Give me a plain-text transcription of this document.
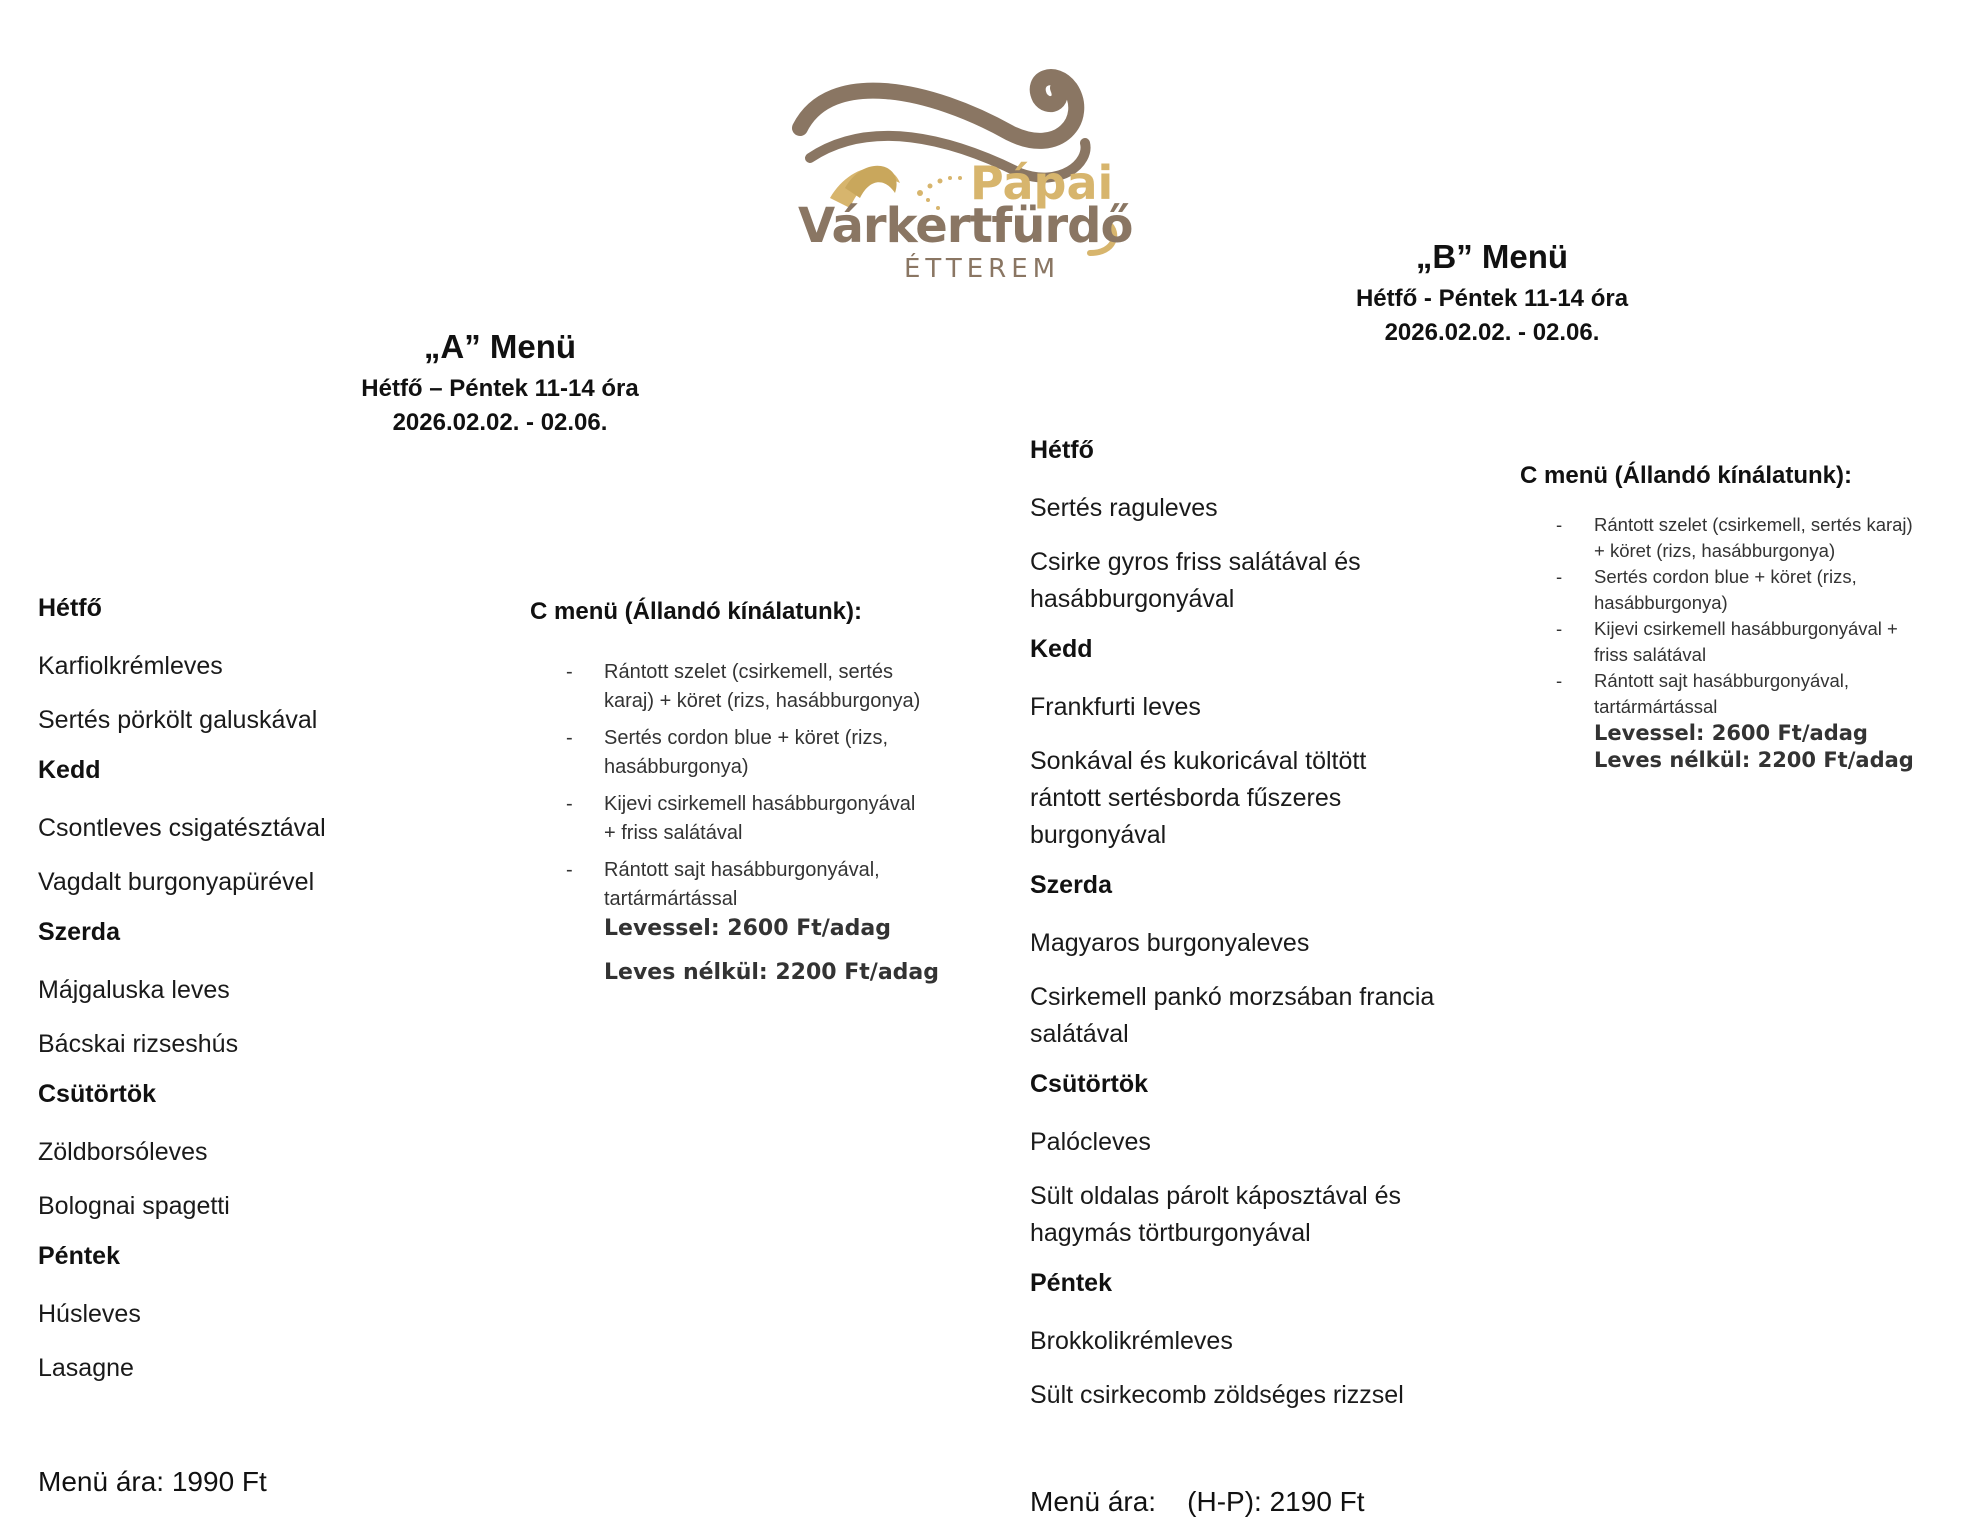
Pápai
Várkertfürdő
ÉTTEREM
„A” Menü
Hétfő – Péntek 11-14 óra
2026.02.02. - 02.06.
Hétfő
Karfiolkrémleves
Sertés pörkölt galuskával
Kedd
Csontleves csigatésztával
Vagdalt burgonyapürével
Szerda
Májgaluska leves
Bácskai rizseshús
Csütörtök
Zöldborsóleves
Bolognai spagetti
Péntek
Húsleves
Lasagne
Menü ára: 1990 Ft
C menü (Állandó kínálatunk):
- Rántott szelet (csirkemell, sertés
karaj) + köret (rizs, hasábburgonya)
- Sertés cordon blue + köret (rizs,
hasábburgonya)
- Kijevi csirkemell hasábburgonyával
+ friss salátával
- Rántott sajt hasábburgonyával,
tartármártással
Levessel: 2600 Ft/adag
Leves nélkül: 2200 Ft/adag
„B” Menü
Hétfő - Péntek 11-14 óra
2026.02.02. - 02.06.
Hétfő
Sertés raguleves
Csirke gyros friss salátával és
hasábburgonyával
Kedd
Frankfurti leves
Sonkával és kukoricával töltött
rántott sertésborda fűszeres
burgonyával
Szerda
Magyaros burgonyaleves
Csirkemell pankó morzsában francia
salátával
Csütörtök
Palócleves
Sült oldalas párolt káposztával és
hagymás törtburgonyával
Péntek
Brokkolikrémleves
Sült csirkecomb zöldséges rizzsel
Menü ára:    (H-P): 2190 Ft
C menü (Állandó kínálatunk):
- Rántott szelet (csirkemell, sertés karaj)
+ köret (rizs, hasábburgonya)
- Sertés cordon blue + köret (rizs,
hasábburgonya)
- Kijevi csirkemell hasábburgonyával +
friss salátával
- Rántott sajt hasábburgonyával,
tartármártással
Levessel: 2600 Ft/adag
Leves nélkül: 2200 Ft/adag
